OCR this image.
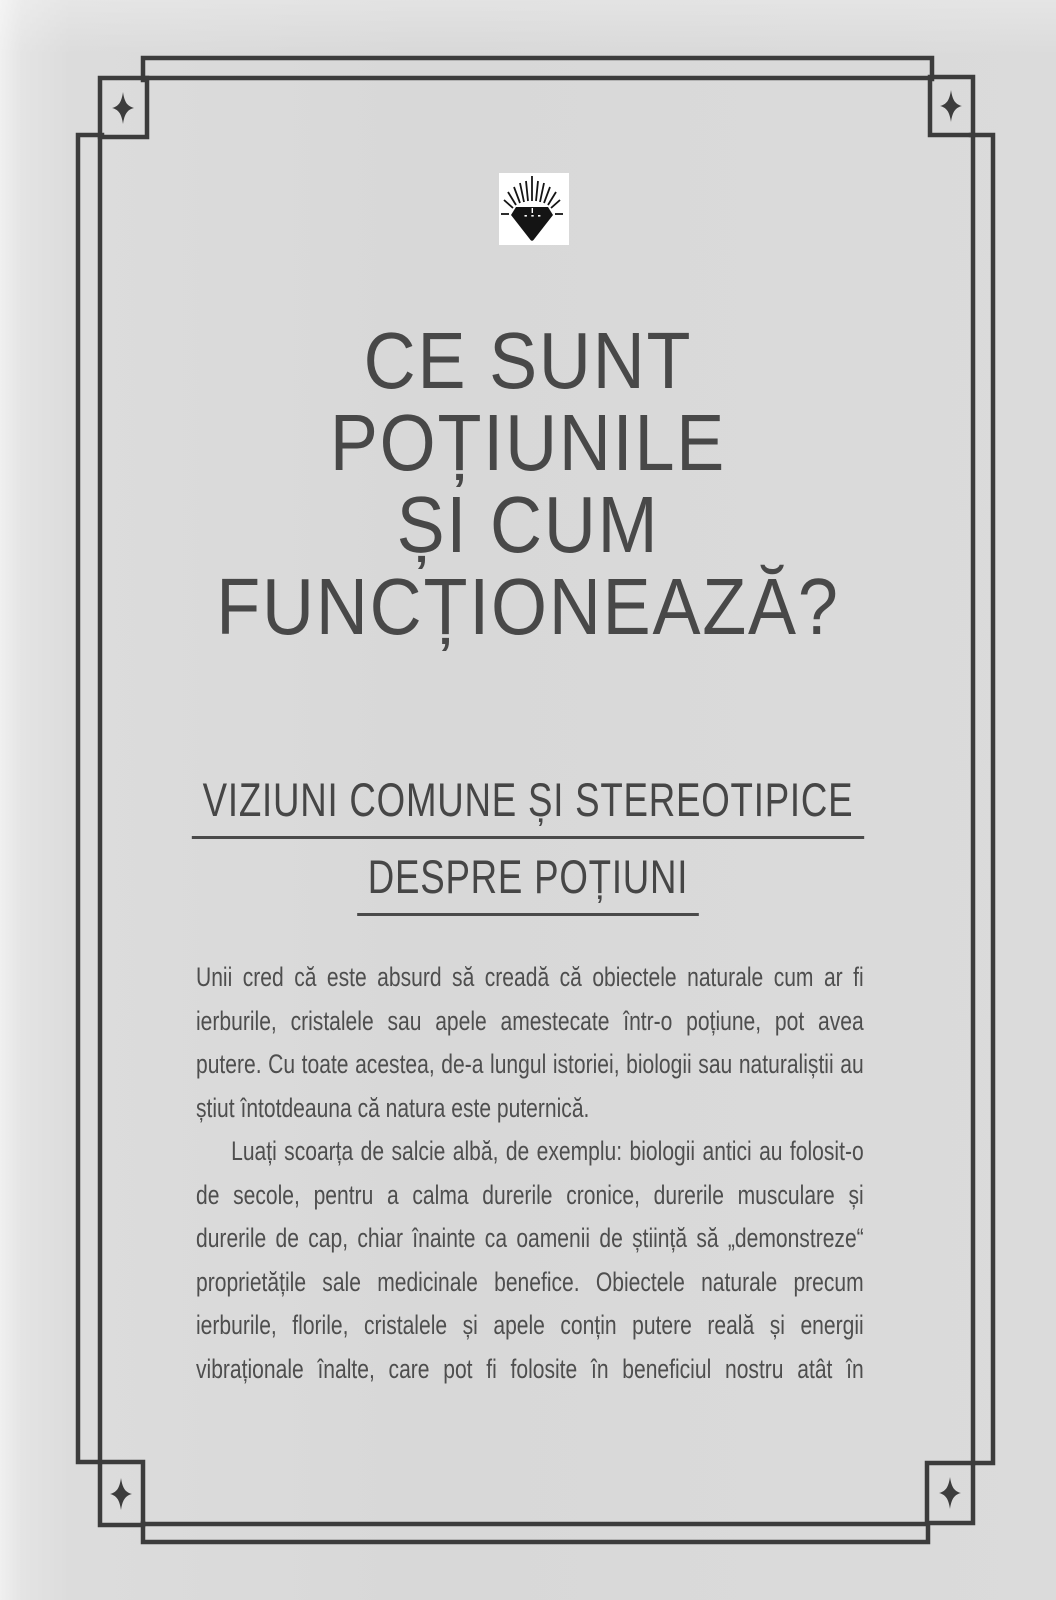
CE SUNT
POȚIUNILE
ȘI CUM
FUNCȚIONEAZĂ?
VIZIUNI COMUNE ȘI STEREOTIPICE
DESPRE POȚIUNI

Unii cred că este absurd să creadă că obiectele naturale cum ar fi ierburile, cristalele sau apele amestecate într-o poțiune, pot avea putere. Cu toate acestea, de-a lungul istoriei, biologii sau naturaliștii au știut întotdeauna că natura este puternică.

Luați scoarța de salcie albă, de exemplu: biologii antici au folosit-o de secole, pentru a calma durerile cronice, durerile musculare și durerile de cap, chiar înainte ca oamenii de știință să „demonstreze“ proprietățile sale medicinale benefice. Obiectele naturale precum ierburile, florile, cristalele și apele conțin putere reală și energii vibraționale înalte, care pot fi folosite în beneficiul nostru atât în
